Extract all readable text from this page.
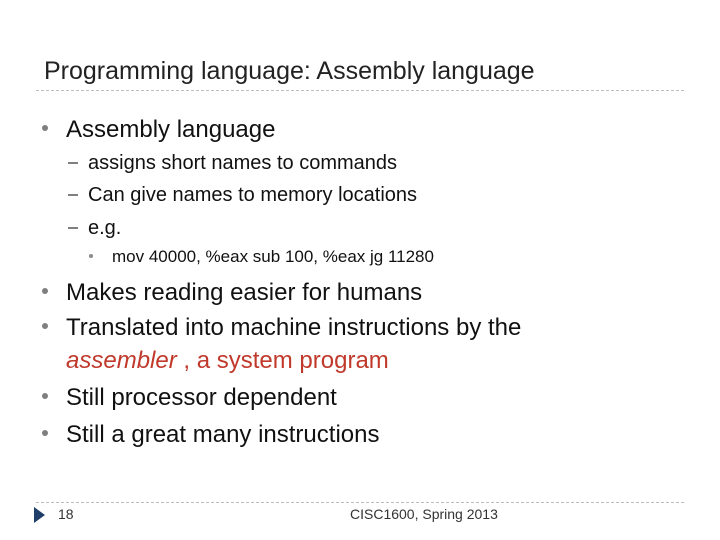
Programming language: Assembly language
Assembly language
assigns short names to commands
Can give names to memory locations
e.g.
mov 40000, %eax sub 100, %eax jg 11280
Makes reading easier for humans
Translated into machine instructions by the
assembler , a system program
Still processor dependent
Still a great many instructions
18	CISC1600, Spring 2013
